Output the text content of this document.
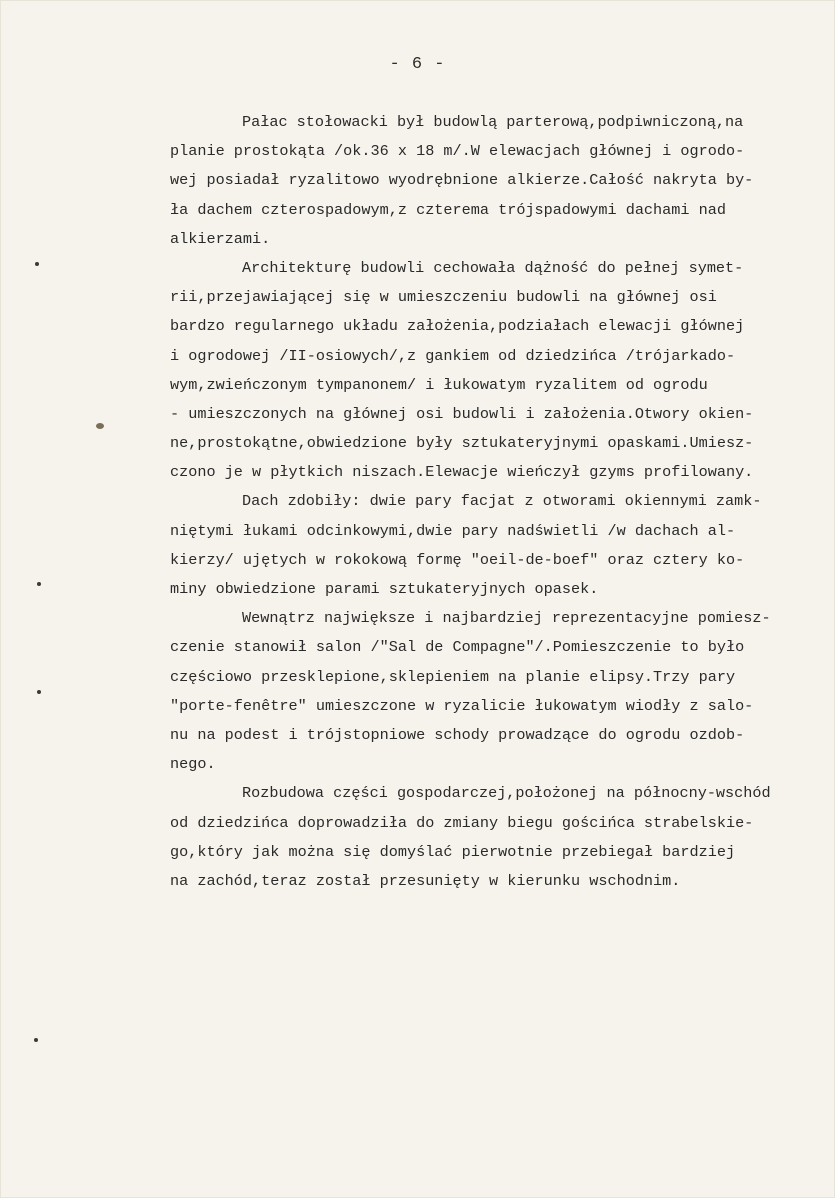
- 6 -
Pałac stołowacki był budowlą parterową,podpiwniczoną,na
planie prostokąta /ok.36 x 18 m/.W elewacjach głównej i ogrodo-
wej posiadał ryzalitowo wyodrębnione alkierze.Całość nakryta by-
ła dachem czterospadowym,z czterema trójspadowymi dachami nad
alkierzami.
Architekturę budowli cechowała dążność do pełnej symet-
rii,przejawiającej się w umieszczeniu budowli na głównej osi
bardzo regularnego układu założenia,podziałach elewacji głównej
i ogrodowej /II-osiowych/,z gankiem od dziedzińca /trójarkado-
wym,zwieńczonym tympanonem/ i łukowatym ryzalitem od ogrodu
- umieszczonych na głównej osi budowli i założenia.Otwory okien-
ne,prostokątne,obwiedzione były sztukateryjnymi opaskami.Umiesz-
czono je w płytkich niszach.Elewacje wieńczył gzyms profilowany.
Dach zdobiły: dwie pary facjat z otworami okiennymi zamk-
niętymi łukami odcinkowymi,dwie pary nadświetli /w dachach al-
kierzy/ ujętych w rokokową formę "oeil-de-boef" oraz cztery ko-
miny obwiedzione parami sztukateryjnych opasek.
Wewnątrz największe i najbardziej reprezentacyjne pomiesz-
czenie stanowił salon /"Sal de Compagne"/.Pomieszczenie to było
częściowo przesklepione,sklepieniem na planie elipsy.Trzy pary
"porte-fenêtre" umieszczone w ryzalicie łukowatym wiodły z salo-
nu na podest i trójstopniowe schody prowadzące do ogrodu ozdob-
nego.
Rozbudowa części gospodarczej,położonej na północny-wschód
od dziedzińca doprowadziła do zmiany biegu gościńca strabelskie-
go,który jak można się domyślać pierwotnie przebiegał bardziej
na zachód,teraz został przesunięty w kierunku wschodnim.
